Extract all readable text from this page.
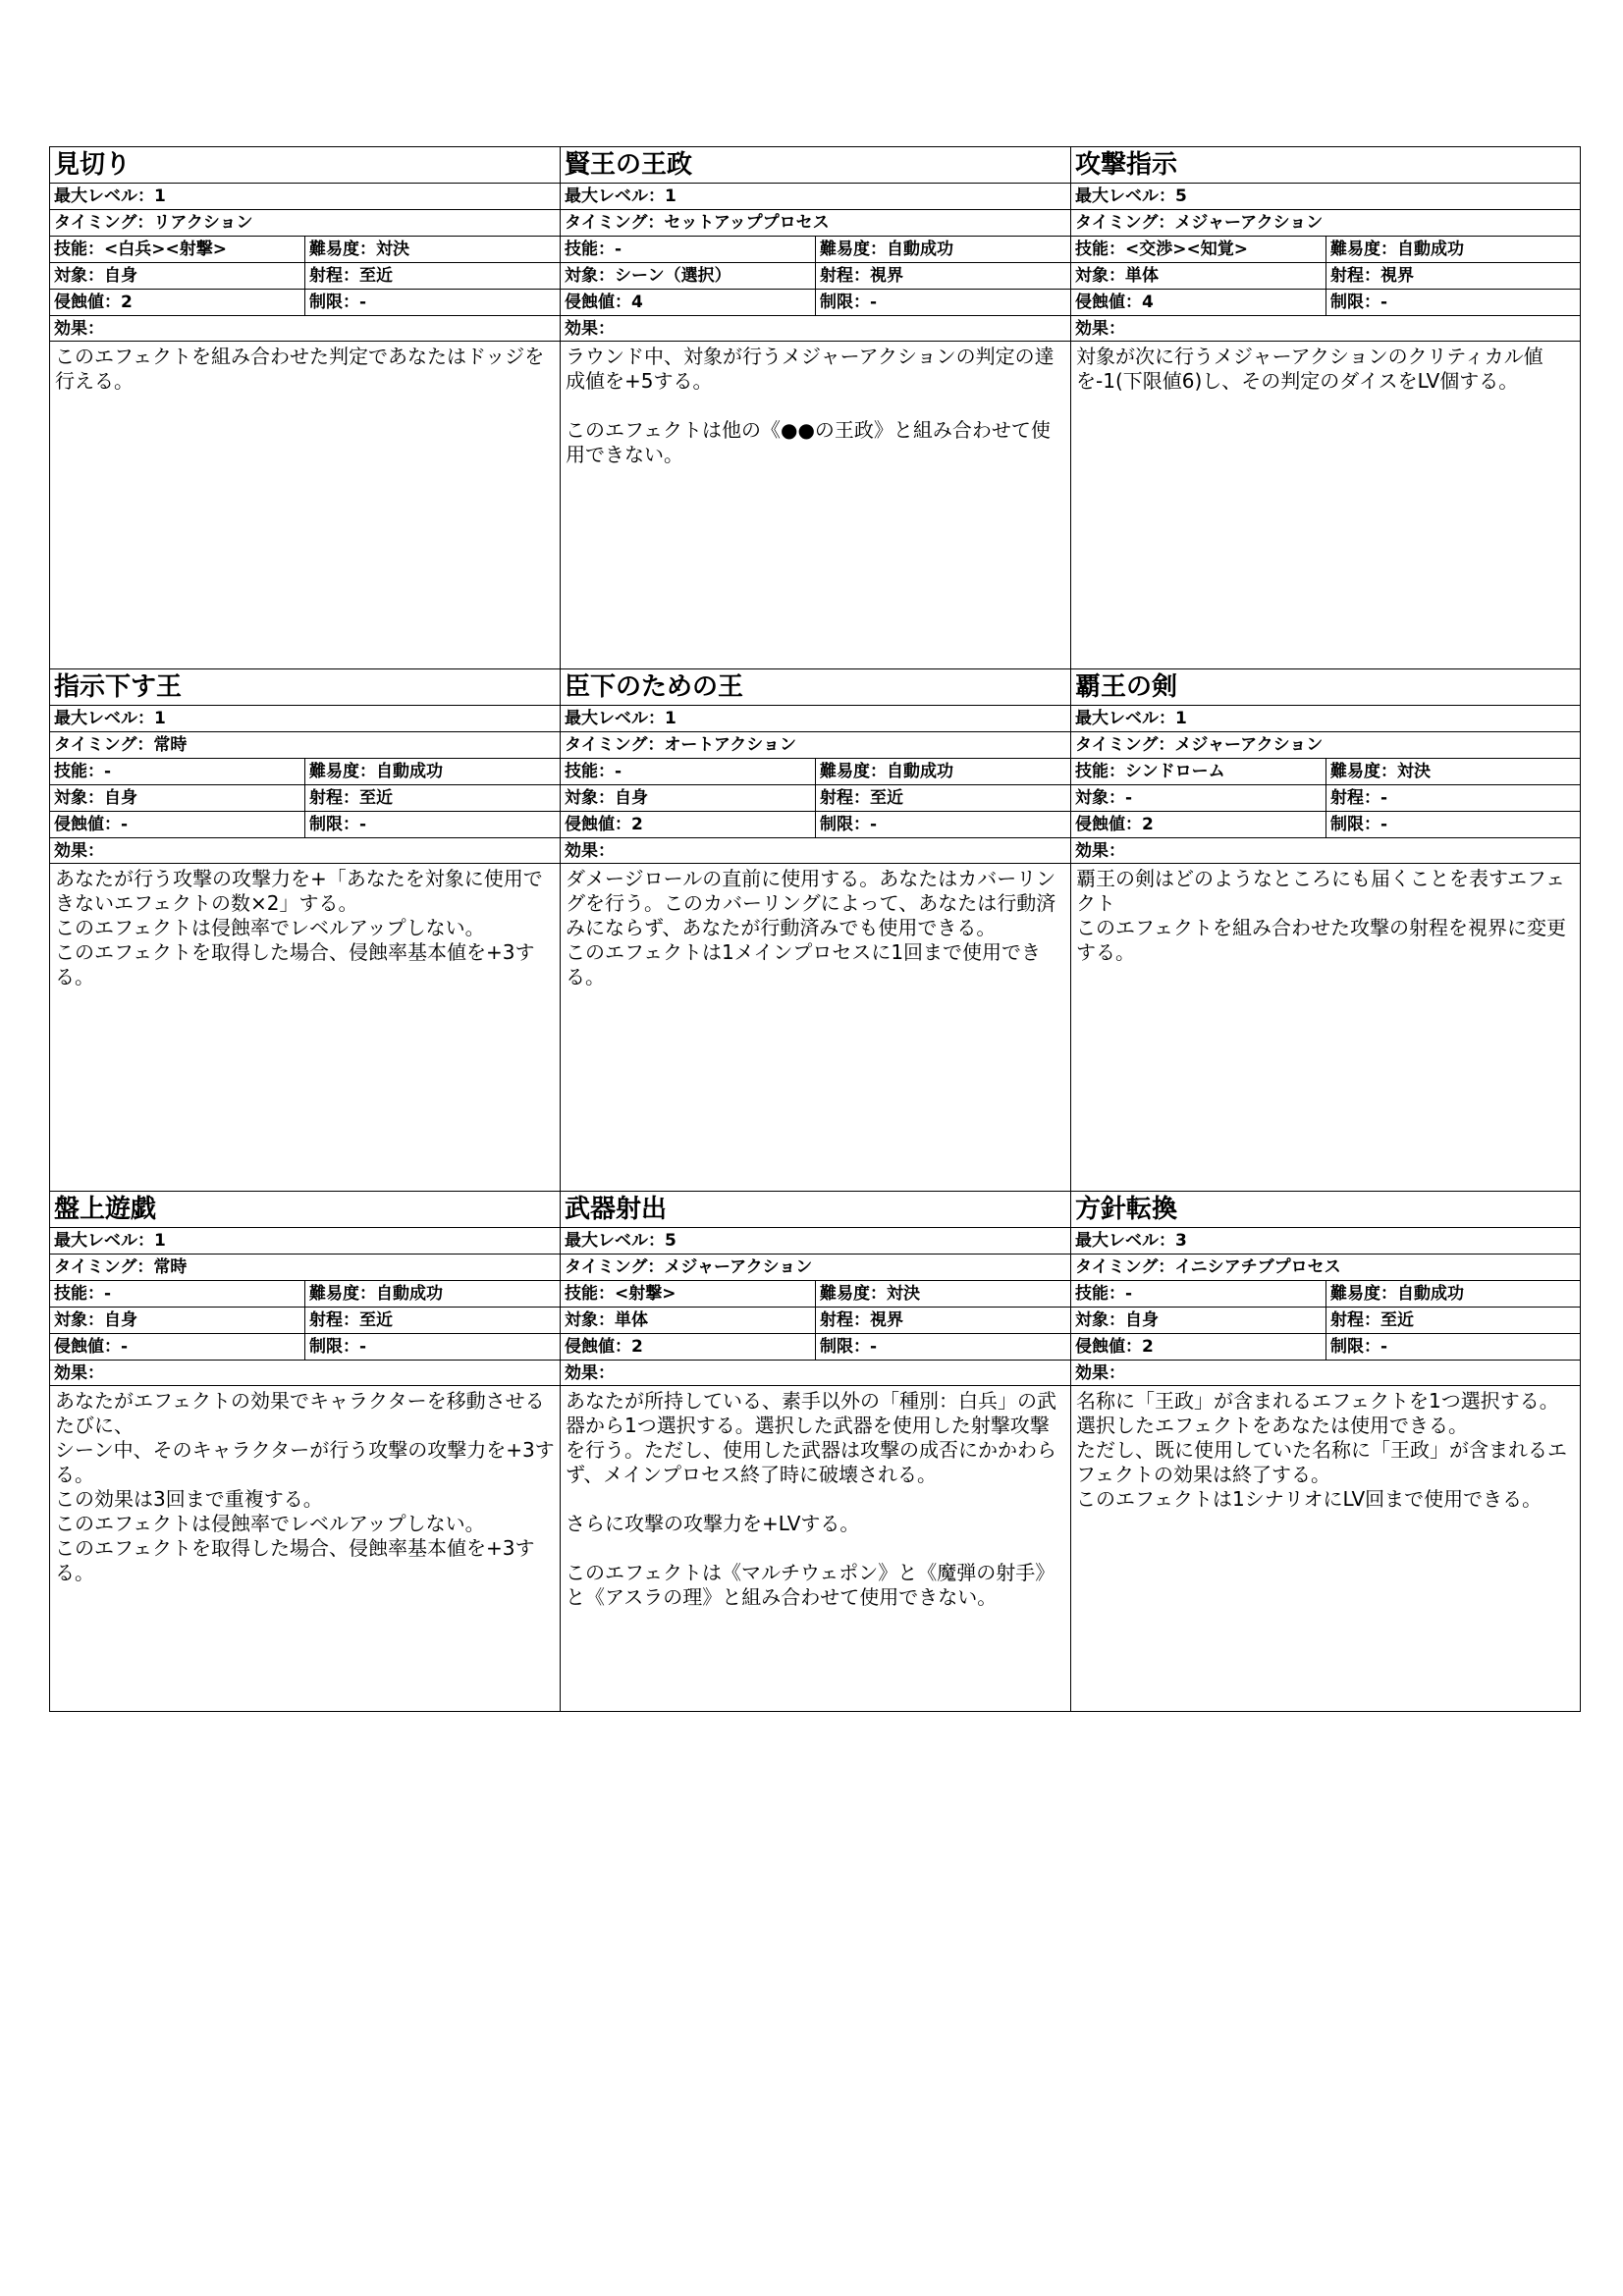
見切り
最大レベル：1
タイミング：リアクション
技能：<白兵><射撃>	難易度：対決
対象：自身	射程：至近
侵蝕値：2	制限：-
効果：
このエフェクトを組み合わせた判定であなたはドッジを行える。
賢王の王政
最大レベル：1
タイミング：セットアッププロセス
技能：-	難易度：自動成功
対象：シーン（選択）	射程：視界
侵蝕値：4	制限：-
効果：
ラウンド中、対象が行うメジャーアクションの判定の達成値を+5する。

このエフェクトは他の《●●の王政》と組み合わせて使用できない。
攻撃指示
最大レベル：5
タイミング：メジャーアクション
技能：<交渉><知覚>	難易度：自動成功
対象：単体	射程：視界
侵蝕値：4	制限：-
効果：
対象が次に行うメジャーアクションのクリティカル値を-1(下限値6)し、その判定のダイスをLV個する。
指示下す王
最大レベル：1
タイミング：常時
技能：-	難易度：自動成功
対象：自身	射程：至近
侵蝕値：-	制限：-
効果：
あなたが行う攻撃の攻撃力を+「あなたを対象に使用できないエフェクトの数×2」する。
このエフェクトは侵蝕率でレベルアップしない。
このエフェクトを取得した場合、侵蝕率基本値を+3する。
臣下のための王
最大レベル：1
タイミング：オートアクション
技能：-	難易度：自動成功
対象：自身	射程：至近
侵蝕値：2	制限：-
効果：
ダメージロールの直前に使用する。あなたはカバーリングを行う。このカバーリングによって、あなたは行動済みにならず、あなたが行動済みでも使用できる。
このエフェクトは1メインプロセスに1回まで使用できる。
覇王の剣
最大レベル：1
タイミング：メジャーアクション
技能：シンドローム	難易度：対決
対象：-	射程：-
侵蝕値：2	制限：-
効果：
覇王の剣はどのようなところにも届くことを表すエフェクト
このエフェクトを組み合わせた攻撃の射程を視界に変更する。
盤上遊戯
最大レベル：1
タイミング：常時
技能：-	難易度：自動成功
対象：自身	射程：至近
侵蝕値：-	制限：-
効果：
あなたがエフェクトの効果でキャラクターを移動させるたびに、
シーン中、そのキャラクターが行う攻撃の攻撃力を+3する。
この効果は3回まで重複する。
このエフェクトは侵蝕率でレベルアップしない。
このエフェクトを取得した場合、侵蝕率基本値を+3する。
武器射出
最大レベル：5
タイミング：メジャーアクション
技能：<射撃>	難易度：対決
対象：単体	射程：視界
侵蝕値：2	制限：-
効果：
あなたが所持している、素手以外の「種別：白兵」の武器から1つ選択する。選択した武器を使用した射撃攻撃を行う。ただし、使用した武器は攻撃の成否にかかわらず、メインプロセス終了時に破壊される。

さらに攻撃の攻撃力を+LVする。

このエフェクトは《マルチウェポン》と《魔弾の射手》と《アスラの理》と組み合わせて使用できない。
方針転換
最大レベル：3
タイミング：イニシアチブプロセス
技能：-	難易度：自動成功
対象：自身	射程：至近
侵蝕値：2	制限：-
効果：
名称に「王政」が含まれるエフェクトを1つ選択する。
選択したエフェクトをあなたは使用できる。
ただし、既に使用していた名称に「王政」が含まれるエフェクトの効果は終了する。
このエフェクトは1シナリオにLV回まで使用できる。
